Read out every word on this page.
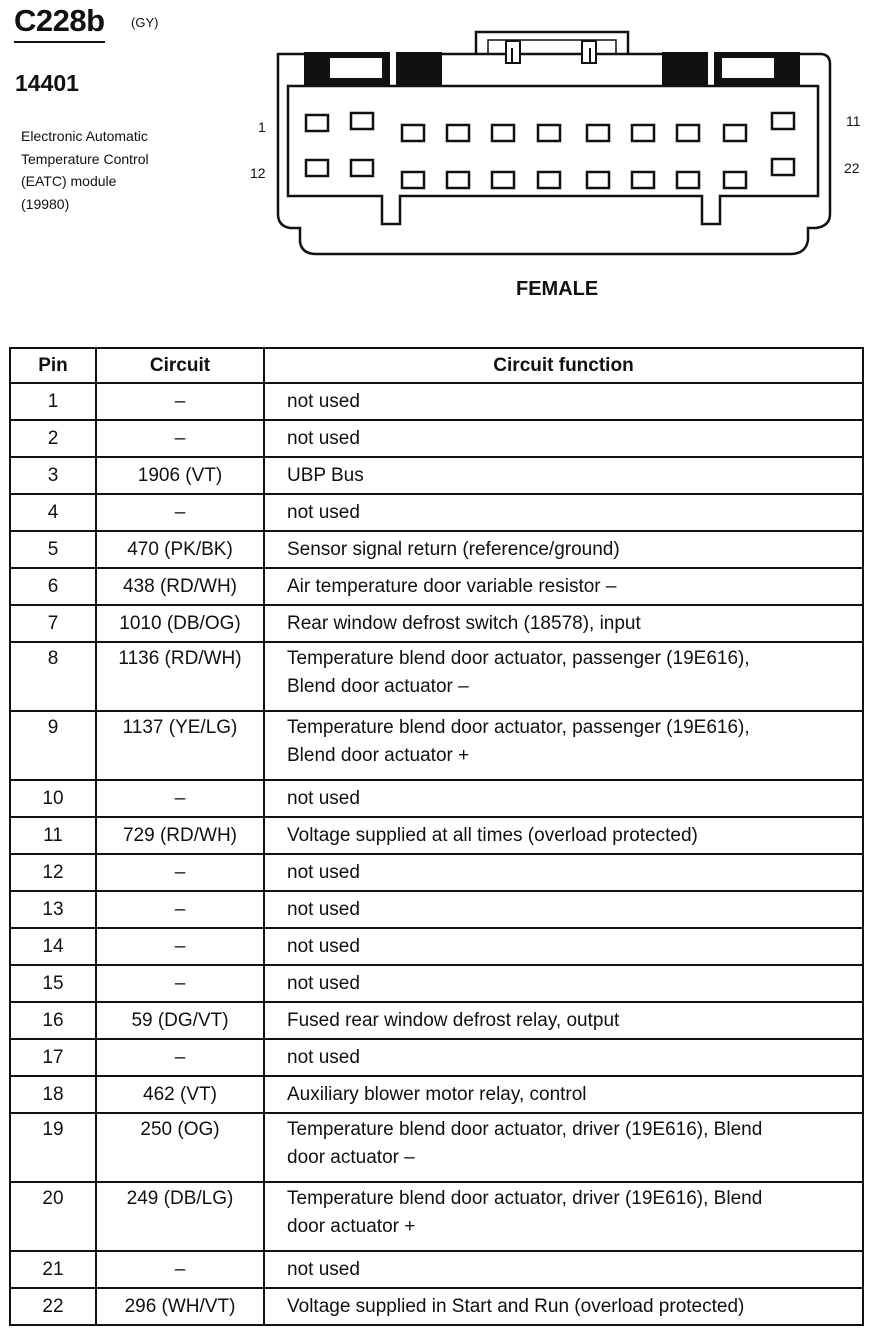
C228b (GY)
14401
Electronic Automatic
Temperature Control
(EATC) module
(19980)
1
12
11
22
FEMALE
Pin	Circuit	Circuit function
1	–	not used

2	–	not used

3	1906 (VT)	UBP Bus

4	–	not used

5	470 (PK/BK)	Sensor signal return (reference/ground)

6	438 (RD/WH)	Air temperature door variable resistor –

7	1010 (DB/OG)	Rear window defrost switch (18578), input

8	1136 (RD/WH)	Temperature blend door actuator, passenger (19E616),
Blend door actuator –

9	1137 (YE/LG)	Temperature blend door actuator, passenger (19E616),
Blend door actuator +

10	–	not used

11	729 (RD/WH)	Voltage supplied at all times (overload protected)

12	–	not used

13	–	not used

14	–	not used

15	–	not used

16	59 (DG/VT)	Fused rear window defrost relay, output

17	–	not used

18	462 (VT)	Auxiliary blower motor relay, control

19	250 (OG)	Temperature blend door actuator, driver (19E616), Blend
door actuator –

20	249 (DB/LG)	Temperature blend door actuator, driver (19E616), Blend
door actuator +

21	–	not used

22	296 (WH/VT)	Voltage supplied in Start and Run (overload protected)
